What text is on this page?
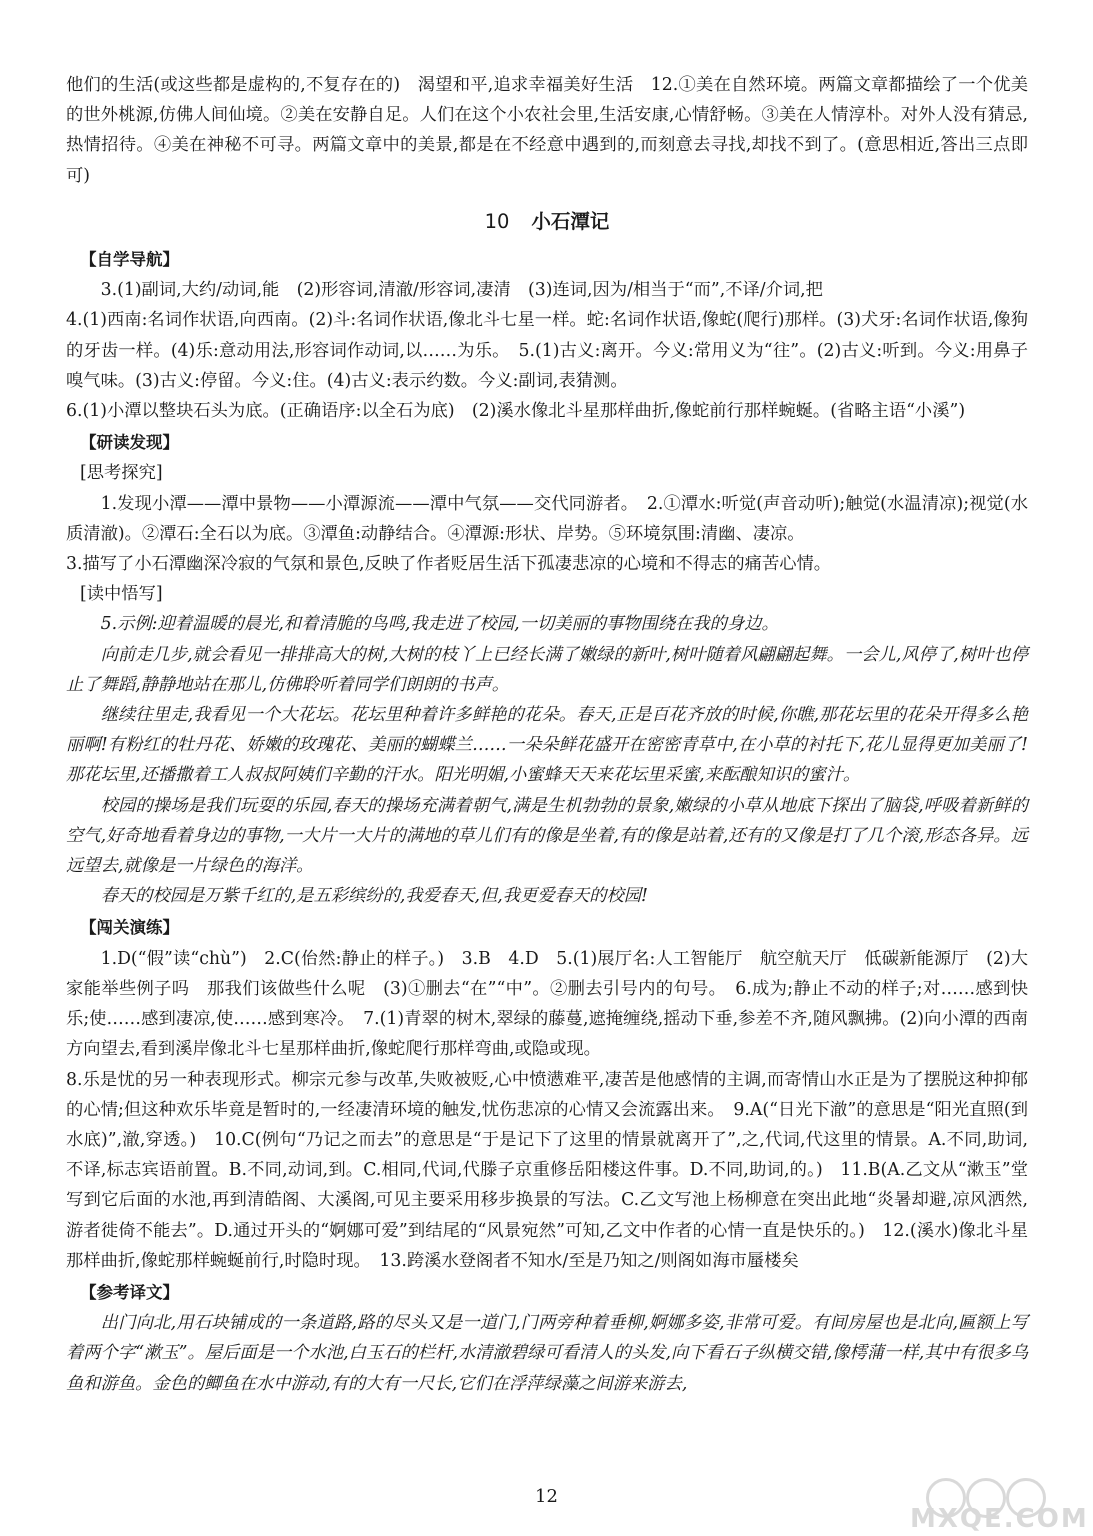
他们的生活(或这些都是虚构的,不复存在的)　渴望和平,追求幸福美好生活　12.①美在自然环境。两篇文章都描绘了一个优美的世外桃源,仿佛人间仙境。②美在安静自足。人们在这个小农社会里,生活安康,心情舒畅。③美在人情淳朴。对外人没有猜忌,热情招待。④美在神秘不可寻。两篇文章中的美景,都是在不经意中遇到的,而刻意去寻找,却找不到了。(意思相近,答出三点即可)

10 小石潭记
【自学导航】

3.(1)副词,大约/动词,能　(2)形容词,清澈/形容词,凄清　(3)连词,因为/相当于“而”,不译/介词,把

4.(1)西南:名词作状语,向西南。(2)斗:名词作状语,像北斗七星一样。蛇:名词作状语,像蛇(爬行)那样。(3)犬牙:名词作状语,像狗的牙齿一样。(4)乐:意动用法,形容词作动词,以……为乐。　5.(1)古义:离开。今义:常用义为“往”。(2)古义:听到。今义:用鼻子嗅气味。(3)古义:停留。今义:住。(4)古义:表示约数。今义:副词,表猜测。

6.(1)小潭以整块石头为底。(正确语序:以全石为底)　(2)溪水像北斗星那样曲折,像蛇前行那样蜿蜒。(省略主语“小溪”)

【研读发现】
[思考探究]

1.发现小潭——潭中景物——小潭源流——潭中气氛——交代同游者。　2.①潭水:听觉(声音动听);触觉(水温清凉);视觉(水质清澈)。②潭石:全石以为底。③潭鱼:动静结合。④潭源:形状、岸势。⑤环境氛围:清幽、凄凉。

3.描写了小石潭幽深冷寂的气氛和景色,反映了作者贬居生活下孤凄悲凉的心境和不得志的痛苦心情。

[读中悟写]

5.示例:迎着温暖的晨光,和着清脆的鸟鸣,我走进了校园,一切美丽的事物围绕在我的身边。

向前走几步,就会看见一排排高大的树,大树的枝丫上已经长满了嫩绿的新叶,树叶随着风翩翩起舞。一会儿,风停了,树叶也停止了舞蹈,静静地站在那儿,仿佛聆听着同学们朗朗的书声。

继续往里走,我看见一个大花坛。花坛里种着许多鲜艳的花朵。春天,正是百花齐放的时候,你瞧,那花坛里的花朵开得多么艳丽啊!有粉红的牡丹花、娇嫩的玫瑰花、美丽的蝴蝶兰……一朵朵鲜花盛开在密密青草中,在小草的衬托下,花儿显得更加美丽了!那花坛里,还播撒着工人叔叔阿姨们辛勤的汗水。阳光明媚,小蜜蜂天天来花坛里采蜜,来酝酿知识的蜜汁。

校园的操场是我们玩耍的乐园,春天的操场充满着朝气,满是生机勃勃的景象,嫩绿的小草从地底下探出了脑袋,呼吸着新鲜的空气,好奇地看着身边的事物,一大片一大片的满地的草儿们有的像是坐着,有的像是站着,还有的又像是打了几个滚,形态各异。远远望去,就像是一片绿色的海洋。

春天的校园是万紫千红的,是五彩缤纷的,我爱春天,但,我更爱春天的校园!

【闯关演练】

1.D(“假”读“chù”)　2.C(佁然:静止的样子。)　3.B　4.D　5.(1)展厅名:人工智能厅　航空航天厅　低碳新能源厅　(2)大家能举些例子吗　那我们该做些什么呢　(3)①删去“在”“中”。②删去引号内的句号。　6.成为;静止不动的样子;对……感到快乐;使……感到凄凉,使……感到寒冷。　7.(1)青翠的树木,翠绿的藤蔓,遮掩缠绕,摇动下垂,参差不齐,随风飘拂。(2)向小潭的西南方向望去,看到溪岸像北斗七星那样曲折,像蛇爬行那样弯曲,或隐或现。

8.乐是忧的另一种表现形式。柳宗元参与改革,失败被贬,心中愤懑难平,凄苦是他感情的主调,而寄情山水正是为了摆脱这种抑郁的心情;但这种欢乐毕竟是暂时的,一经凄清环境的触发,忧伤悲凉的心情又会流露出来。　9.A(“日光下澈”的意思是“阳光直照(到水底)”,澈,穿透。)　10.C(例句“乃记之而去”的意思是“于是记下了这里的情景就离开了”,之,代词,代这里的情景。A.不同,助词,不译,标志宾语前置。B.不同,动词,到。C.相同,代词,代滕子京重修岳阳楼这件事。D.不同,助词,的。)　11.B(A.乙文从“漱玉”堂写到它后面的水池,再到清皓阁、大溪阁,可见主要采用移步换景的写法。C.乙文写池上杨柳意在突出此地“炎暑却避,凉风洒然,游者徙倚不能去”。D.通过开头的“婀娜可爱”到结尾的“风景宛然”可知,乙文中作者的心情一直是快乐的。)　12.(溪水)像北斗星那样曲折,像蛇那样蜿蜒前行,时隐时现。　13.跨溪水登阁者不知水/至是乃知之/则阁如海市蜃楼矣

【参考译文】

出门向北,用石块铺成的一条道路,路的尽头又是一道门,门两旁种着垂柳,婀娜多姿,非常可爱。有间房屋也是北向,匾额上写着两个字“漱玉”。屋后面是一个水池,白玉石的栏杆,水清澈碧绿可看清人的头发,向下看石子纵横交错,像樗蒲一样,其中有很多乌鱼和游鱼。金色的鲫鱼在水中游动,有的大有一尺长,它们在浮萍绿藻之间游来游去,

12
MXQE.COM
